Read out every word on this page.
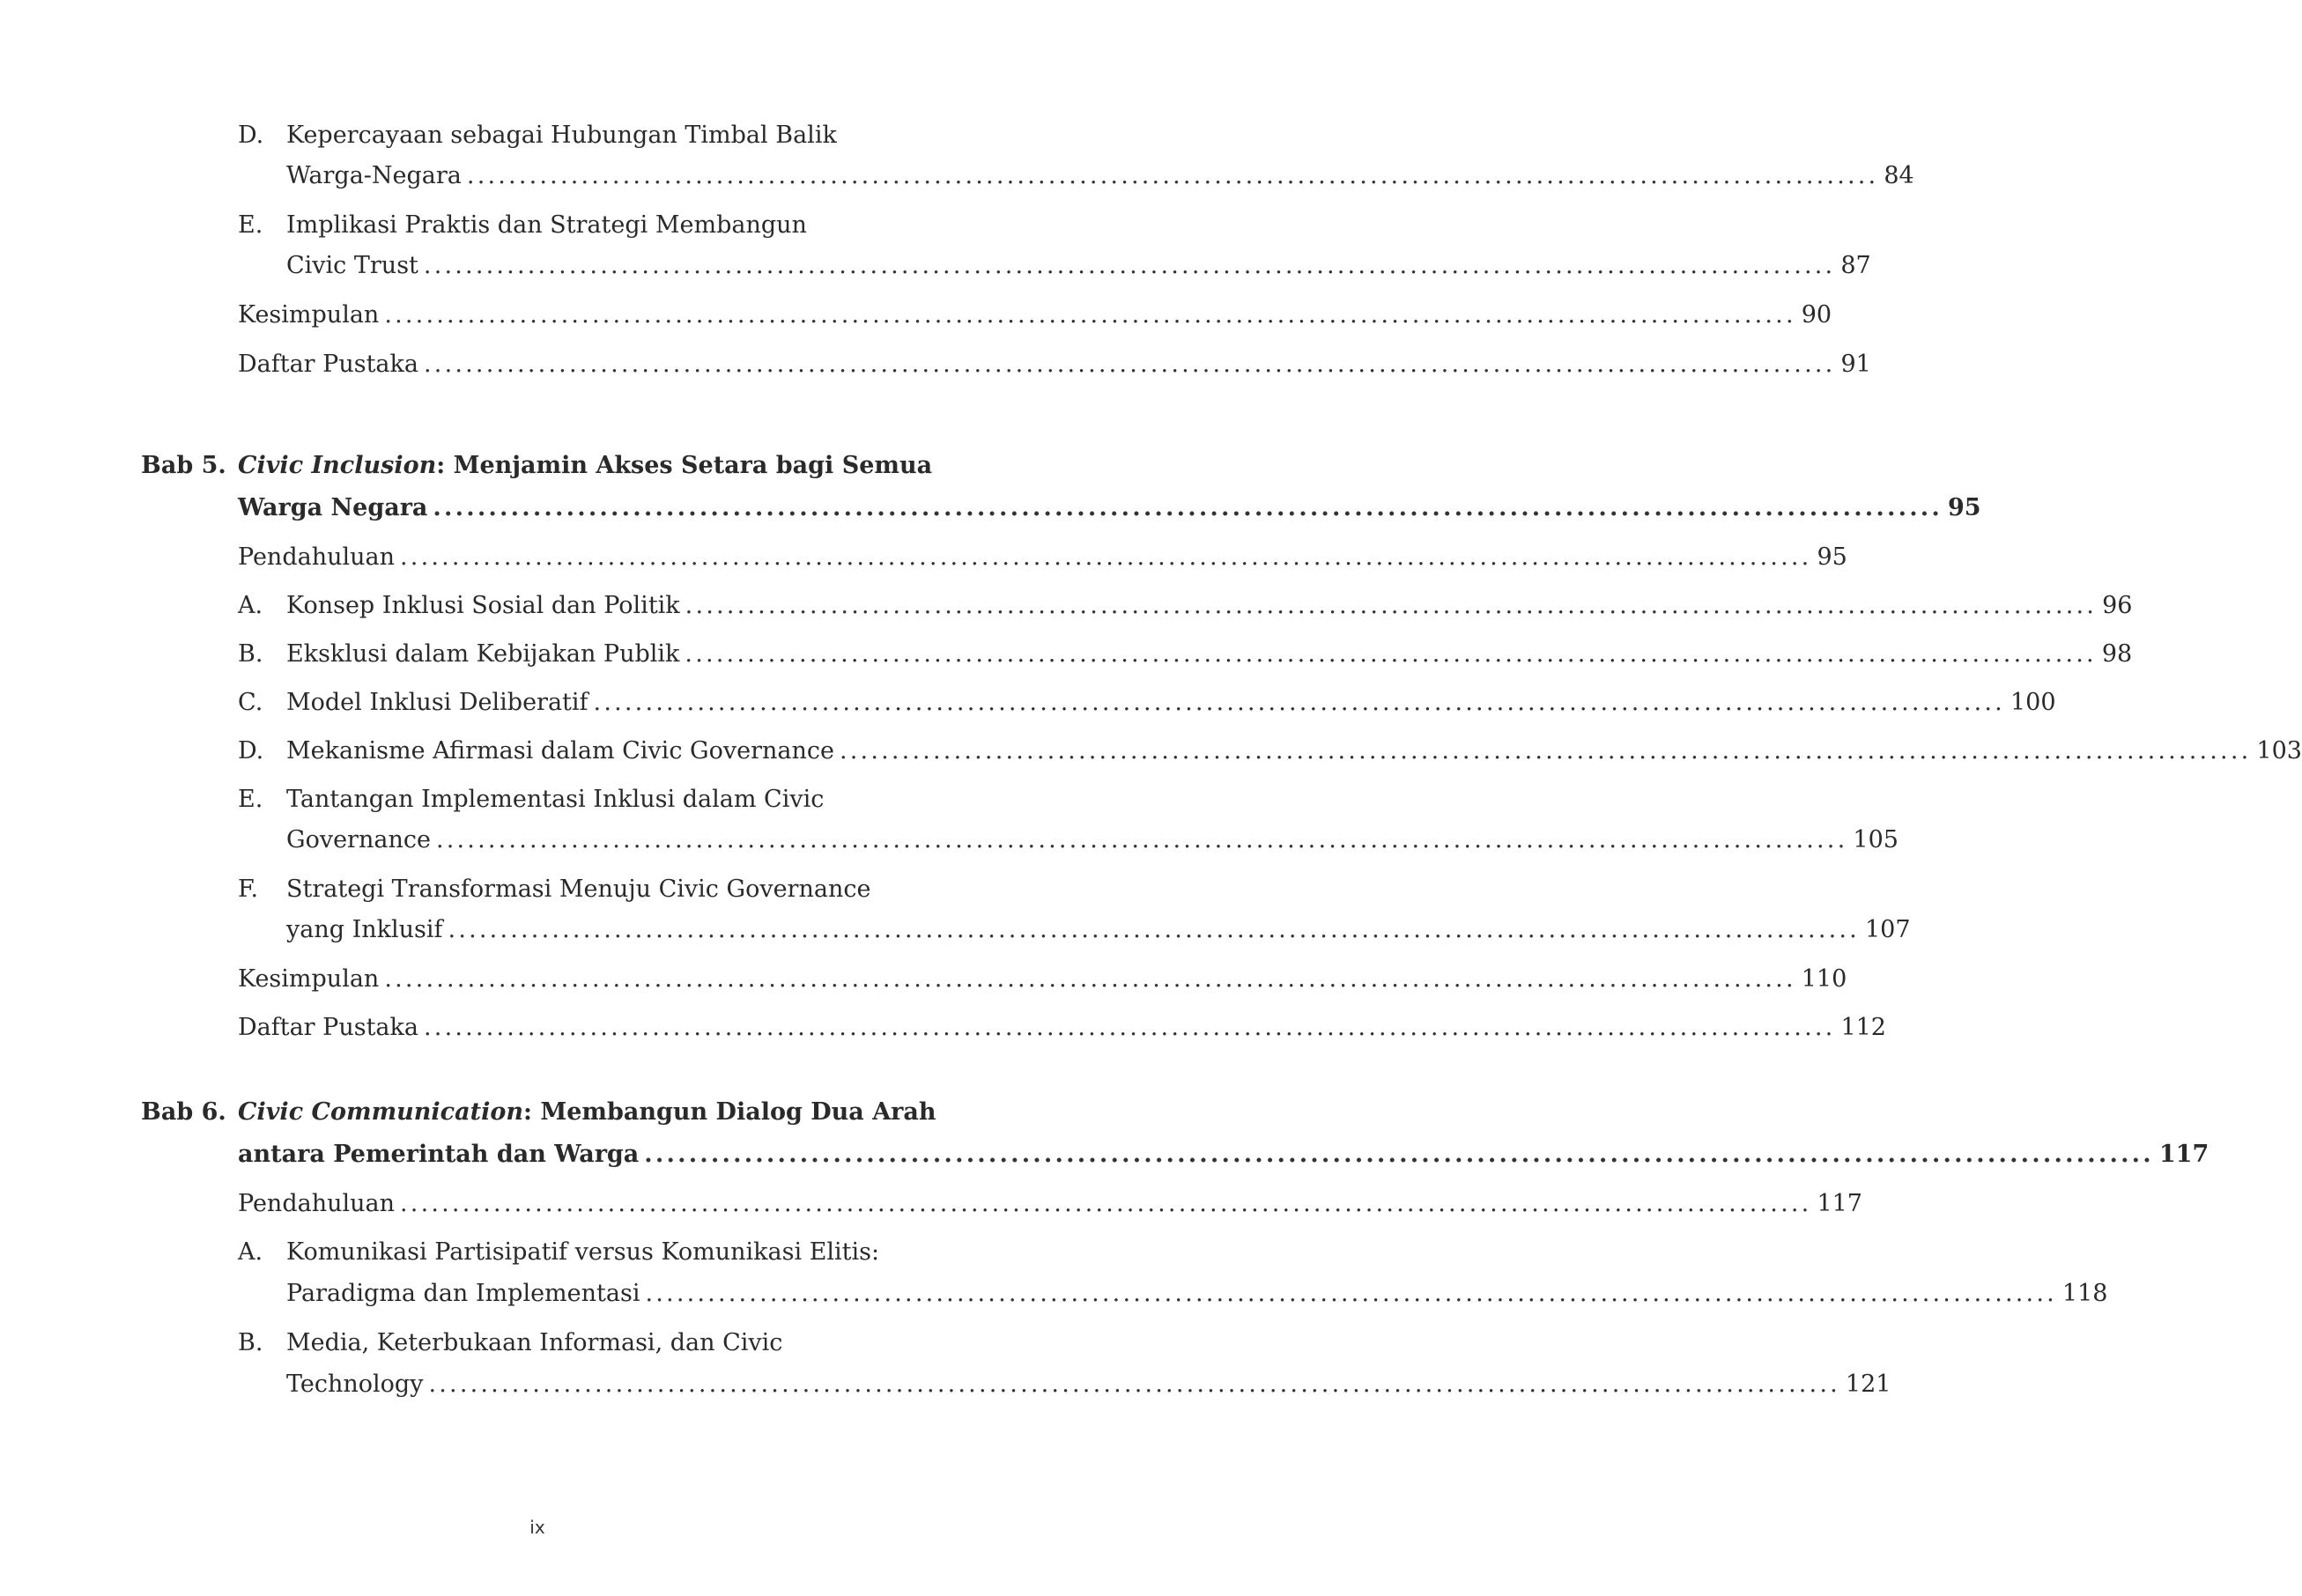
D. Kepercayaan sebagai Hubungan Timbal Balik
Warga-Negara ........................................................................................................................................ 84
E. Implikasi Praktis dan Strategi Membangun
Civic Trust ........................................................................................................................................ 87
Kesimpulan ........................................................................................................................................ 90
Daftar Pustaka ........................................................................................................................................ 91
Bab 5. Civic Inclusion: Menjamin Akses Setara bagi Semua
Warga Negara ........................................................................................................................................ 95
Pendahuluan ........................................................................................................................................ 95
A. Konsep Inklusi Sosial dan Politik ........................................................................................................................................ 96
B. Eksklusi dalam Kebijakan Publik ........................................................................................................................................ 98
C. Model Inklusi Deliberatif ........................................................................................................................................ 100
D. Mekanisme Afirmasi dalam Civic Governance ........................................................................................................................................ 103
E. Tantangan Implementasi Inklusi dalam Civic
Governance ........................................................................................................................................ 105
F. Strategi Transformasi Menuju Civic Governance
yang Inklusif ........................................................................................................................................ 107
Kesimpulan ........................................................................................................................................ 110
Daftar Pustaka ........................................................................................................................................ 112
Bab 6. Civic Communication: Membangun Dialog Dua Arah
antara Pemerintah dan Warga ........................................................................................................................................ 117
Pendahuluan ........................................................................................................................................ 117
A. Komunikasi Partisipatif versus Komunikasi Elitis:
Paradigma dan Implementasi ........................................................................................................................................ 118
B. Media, Keterbukaan Informasi, dan Civic
Technology ........................................................................................................................................ 121
ix
